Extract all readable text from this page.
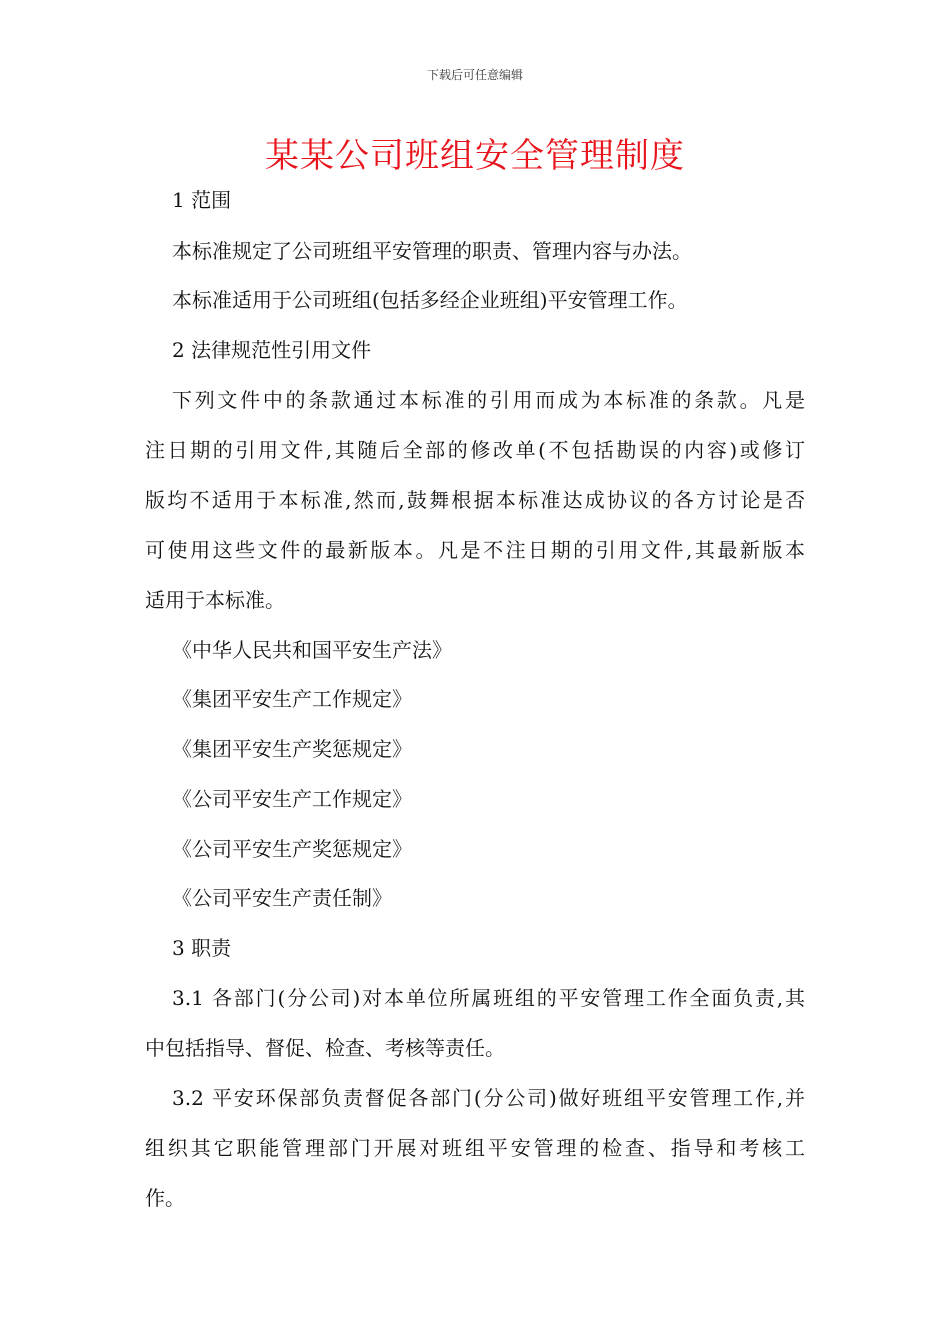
下载后可任意编辑
某某公司班组安全管理制度
1 范围
本标准规定了公司班组平安管理的职责、管理内容与办法。
本标准适用于公司班组(包括多经企业班组)平安管理工作。
2 法律规范性引用文件
下列文件中的条款通过本标准的引用而成为本标准的条款。凡是
注日期的引用文件,其随后全部的修改单(不包括勘误的内容)或修订
版均不适用于本标准,然而,鼓舞根据本标准达成协议的各方讨论是否
可使用这些文件的最新版本。凡是不注日期的引用文件,其最新版本
适用于本标准。
《中华人民共和国平安生产法》
《集团平安生产工作规定》
《集团平安生产奖惩规定》
《公司平安生产工作规定》
《公司平安生产奖惩规定》
《公司平安生产责任制》
3 职责
3.1 各部门(分公司)对本单位所属班组的平安管理工作全面负责,其
中包括指导、督促、检查、考核等责任。
3.2 平安环保部负责督促各部门(分公司)做好班组平安管理工作,并
组织其它职能管理部门开展对班组平安管理的检查、指导和考核工
作。
